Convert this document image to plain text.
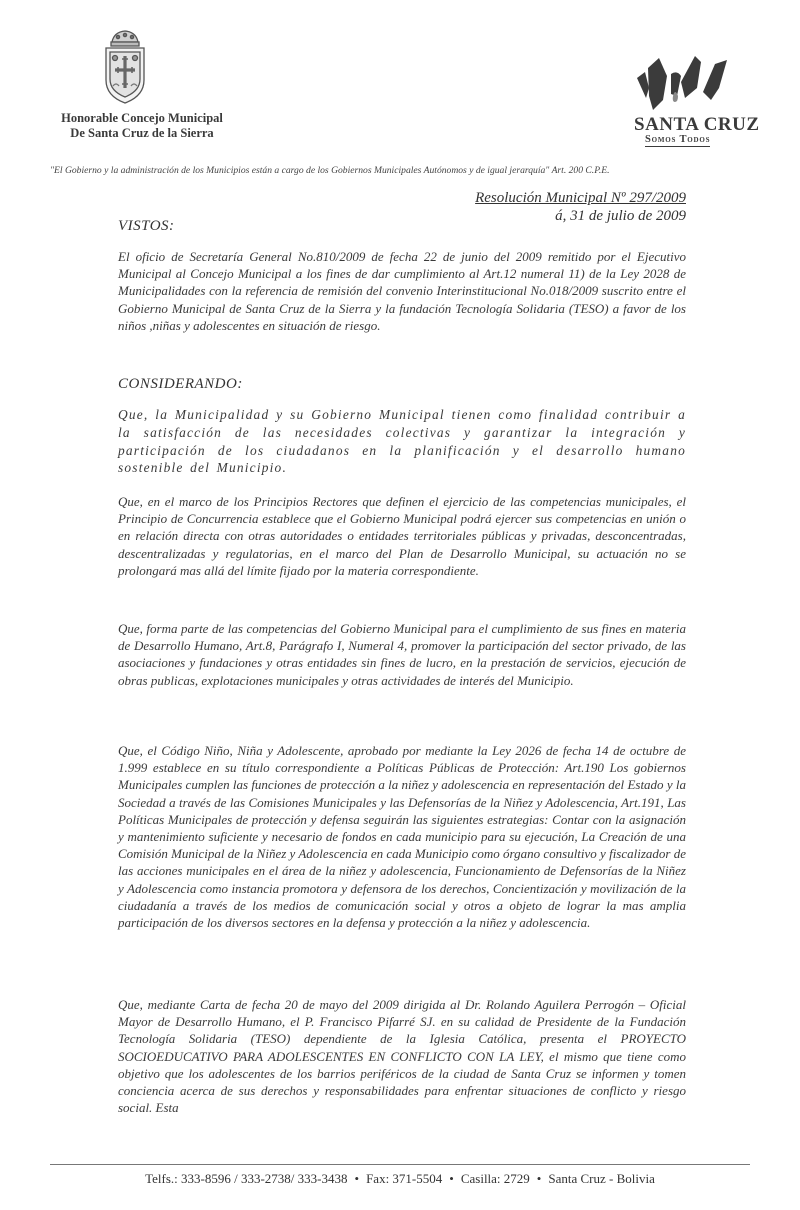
Honorable Concejo Municipal
De Santa Cruz de la Sierra	SANTA CRUZ
Somos Todos
"El Gobierno y la administración de los Municipios están a cargo de los Gobiernos Municipales Autónomos y de igual jerarquía" Art. 200 C.P.E.
Resolución Municipal Nº 297/2009
á, 31 de julio de 2009
VISTOS:
El oficio de Secretaría General No.810/2009 de fecha 22 de junio del 2009 remitido por el Ejecutivo Municipal al Concejo Municipal a los fines de dar cumplimiento al Art.12 numeral 11) de la Ley 2028 de Municipalidades con la referencia de remisión del convenio Interinstitucional No.018/2009 suscrito entre el Gobierno Municipal de Santa Cruz de la Sierra y la fundación Tecnología Solidaria (TESO) a favor de los niños ,niñas y adolescentes en situación de riesgo.
CONSIDERANDO:
Que, la Municipalidad y su Gobierno Municipal tienen como finalidad contribuir a la satisfacción de las necesidades colectivas y garantizar la integración y participación de los ciudadanos en la planificación y el desarrollo humano sostenible del Municipio.
Que, en el marco de los Principios Rectores que definen el ejercicio de las competencias municipales, el Principio de Concurrencia establece que el Gobierno Municipal podrá ejercer sus competencias en unión o en relación directa con otras autoridades o entidades territoriales públicas y privadas, desconcentradas, descentralizadas y regulatorias, en el marco del Plan de Desarrollo Municipal, su actuación no se prolongará mas allá del límite fijado por la materia correspondiente.
Que, forma parte de las competencias del Gobierno Municipal para el cumplimiento de sus fines en materia de Desarrollo Humano, Art.8, Parágrafo I, Numeral 4, promover la participación del sector privado, de las asociaciones y fundaciones y otras entidades sin fines de lucro, en la prestación de servicios, ejecución de obras publicas, explotaciones municipales y otras actividades de interés del Municipio.
Que, el Código Niño, Niña y Adolescente, aprobado por mediante la Ley 2026 de fecha 14 de octubre de 1.999 establece en su título correspondiente a Políticas Públicas de Protección: Art.190 Los gobiernos Municipales cumplen las funciones de protección a la niñez y adolescencia en representación del Estado y la Sociedad a través de las Comisiones Municipales y las Defensorías de la Niñez y Adolescencia, Art.191, Las Políticas Municipales de protección y defensa seguirán las siguientes estrategias: Contar con la asignación y mantenimiento suficiente y necesario de fondos en cada municipio para su ejecución, La Creación de una Comisión Municipal de la Niñez y Adolescencia en cada Municipio como órgano consultivo y fiscalizador de las acciones municipales en el área de la niñez y adolescencia, Funcionamiento de Defensorías de la Niñez y Adolescencia como instancia promotora y defensora de los derechos, Concientización y movilización de la ciudadanía a través de los medios de comunicación social y otros a objeto de lograr la mas amplia participación de los diversos sectores en la defensa y protección a la niñez y adolescencia.
Que, mediante Carta de fecha 20 de mayo del 2009 dirigida al Dr. Rolando Aguilera Perrogón – Oficial Mayor de Desarrollo Humano, el P. Francisco Pifarré SJ. en su calidad de Presidente de la Fundación Tecnología Solidaria (TESO) dependiente de la Iglesia Católica, presenta el PROYECTO SOCIOEDUCATIVO PARA ADOLESCENTES EN CONFLICTO CON LA LEY, el mismo que tiene como objetivo que los adolescentes de los barrios periféricos de la ciudad de Santa Cruz se informen y tomen conciencia acerca de sus derechos y responsabilidades para enfrentar situaciones de conflicto y riesgo social. Esta
Telfs.: 333-8596 / 333-2738/ 333-3438 • Fax: 371-5504 • Casilla: 2729 • Santa Cruz - Bolivia
